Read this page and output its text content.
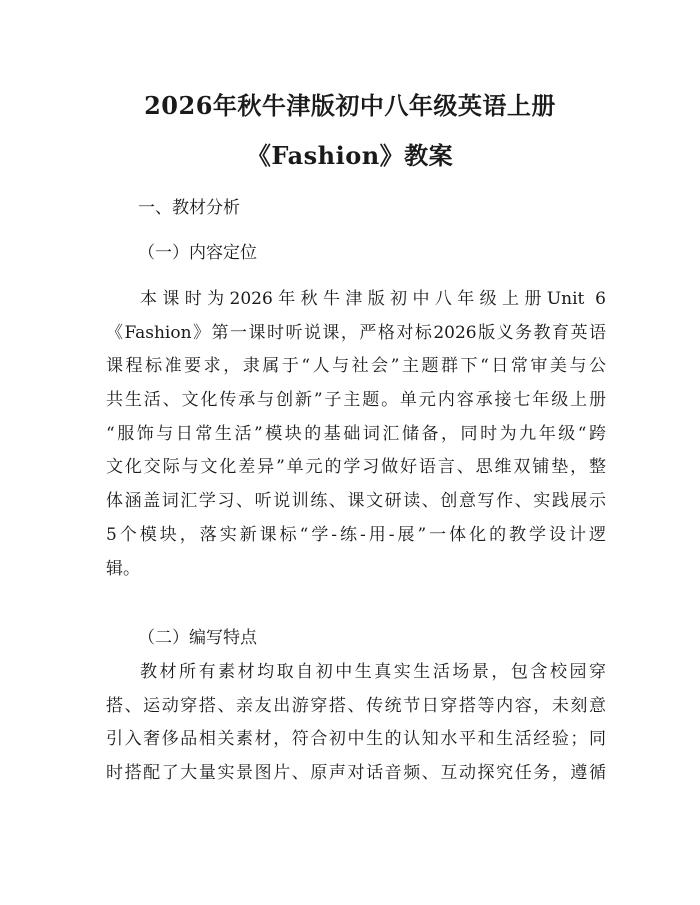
2026年秋牛津版初中八年级英语上册
《Fashion》教案
一、教材分析
（一）内容定位
本课时为2026年秋牛津版初中八年级上册Unit 6
《Fashion》第一课时听说课，严格对标2026版义务教育英语
课程标准要求，隶属于“人与社会”主题群下“日常审美与公
共生活、文化传承与创新”子主题。单元内容承接七年级上册
“服饰与日常生活”模块的基础词汇储备，同时为九年级“跨
文化交际与文化差异”单元的学习做好语言、思维双铺垫，整
体涵盖词汇学习、听说训练、课文研读、创意写作、实践展示
5个模块，落实新课标“学-练-用-展”一体化的教学设计逻
辑。
（二）编写特点
教材所有素材均取自初中生真实生活场景，包含校园穿
搭、运动穿搭、亲友出游穿搭、传统节日穿搭等内容，未刻意
引入奢侈品相关素材，符合初中生的认知水平和生活经验；同
时搭配了大量实景图片、原声对话音频、互动探究任务，遵循
